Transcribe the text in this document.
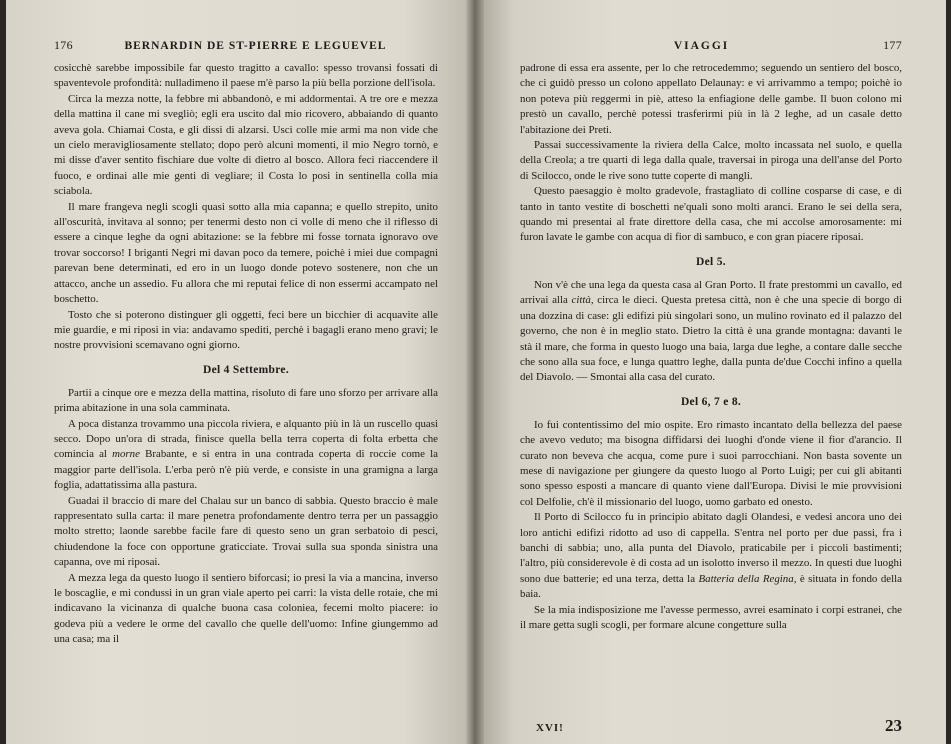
176	BERNARDIN DE ST-PIERRE E LEGUEVEL

cosicchè sarebbe impossibile far questo tragitto a cavallo: spesso trovansi fossati di spaventevole profondità: nulladimeno il paese m'è parso la più bella porzione dell'isola.

Circa la mezza notte, la febbre mi abbandonò, e mi addormentai. A tre ore e mezza della mattina il cane mi svegliò; egli era uscito dal mio ricovero, abbaiando di quanto aveva gola. Chiamai Costa, e gli dissi di alzarsi. Uscì colle mie armi ma non vide che un cielo meravigliosamente stellato; dopo però alcuni momenti, il mio Negro tornò, e mi disse d'aver sentito fischiare due volte di dietro al bosco. Allora feci riaccendere il fuoco, e ordinai alle mie genti di vegliare; il Costa lo posi in sentinella colla mia sciabola.

Il mare frangeva negli scogli quasi sotto alla mia capanna; e quello strepito, unito all'oscurità, invitava al sonno; per tenermi desto non ci volle di meno che il riflesso di essere a cinque leghe da ogni abitazione: se la febbre mi fosse tornata ignoravo ove trovar soccorso! I briganti Negri mi davan poco da temere, poichè i miei due compagni parevan bene determinati, ed ero in un luogo donde potevo sostenere, non che un attacco, anche un assedio. Fu allora che mi reputai felice di non essermi accampato nel boschetto.

Tosto che si poterono distinguer gli oggetti, feci bere un bicchier di acquavite alle mie guardie, e mi riposi in via: andavamo spediti, perchè i bagagli erano meno gravi; le nostre provvisioni scemavano ogni giorno.

Del 4 Settembre.

Partii a cinque ore e mezza della mattina, risoluto di fare uno sforzo per arrivare alla prima abitazione in una sola camminata.

A poca distanza trovammo una piccola riviera, e alquanto più in là un ruscello quasi secco. Dopo un'ora di strada, finisce quella bella terra coperta di folta erbetta che comincia al morne Brabante, e si entra in una contrada coperta di roccie come la maggior parte dell'isola. L'erba però n'è più verde, e consiste in una gramigna a larga foglia, adattatissima alla pastura.

Guadai il braccio di mare del Chalau sur un banco di sabbia. Questo braccio è male rappresentato sulla carta: il mare penetra profondamente dentro terra per un passaggio molto stretto; laonde sarebbe facile fare di questo seno un gran serbatoio di pesci, chiudendone la foce con opportune graticciate. Trovai sulla sua sponda sinistra una capanna, ove mi riposai.

A mezza lega da questo luogo il sentiero biforcasi; io presi la via a mancina, inverso le boscaglie, e mi condussi in un gran viale aperto pei carri: la vista delle rotaie, che mi indicavano la vicinanza di qualche buona casa coloniea, fecemi molto piacere: io godeva più a vedere le orme del cavallo che quelle dell'uomo: Infine giungemmo ad una casa; ma il

VIAGGI	177

padrone di essa era assente, per lo che retrocedemmo; seguendo un sentiero del bosco, che ci guidò presso un colono appellato Delaunay: e vi arrivammo a tempo; poichè io non poteva più reggermi in piè, atteso la enfiagione delle gambe. Il buon colono mi prestò un cavallo, perchè potessi trasferirmi più in là 2 leghe, ad un casale detto l'abitazione dei Preti.

Passai successivamente la riviera della Calce, molto incassata nel suolo, e quella della Creola; a tre quarti di lega dalla quale, traversai in piroga una dell'anse del Porto di Scilocco, onde le rive sono tutte coperte di mangli.

Questo paesaggio è molto gradevole, frastagliato di colline cosparse di case, e di tanto in tanto vestite di boschetti ne'quali sono molti aranci. Erano le sei della sera, quando mi presentai al frate direttore della casa, che mi accolse amorosamente: mi furon lavate le gambe con acqua di fior di sambuco, e con gran piacere riposai.

Del 5.

Non v'è che una lega da questa casa al Gran Porto. Il frate prestommi un cavallo, ed arrivai alla città, circa le dieci. Questa pretesa città, non è che una specie di borgo di una dozzina di case: gli edifizi più singolari sono, un mulino rovinato ed il palazzo del governo, che non è in meglio stato. Dietro la città è una grande montagna: davanti le stà il mare, che forma in questo luogo una baia, larga due leghe, a contare dalle secche che sono alla sua foce, e lunga quattro leghe, dalla punta de'due Cocchi infino a quella del Diavolo. — Smontai alla casa del curato.

Del 6, 7 e 8.

Io fui contentissimo del mio ospite. Ero rimasto incantato della bellezza del paese che avevo veduto; ma bisogna diffidarsi dei luoghi d'onde viene il fior d'arancio. Il curato non beveva che acqua, come pure i suoi parrocchiani. Non basta sovente un mese di navigazione per giungere da questo luogo al Porto Luigi; per cui gli abitanti sono spesso esposti a mancare di quanto viene dall'Europa. Divisi le mie provvisioni col Delfolie, ch'è il missionario del luogo, uomo garbato ed onesto.

Il Porto di Scilocco fu in principio abitato dagli Olandesi, e vedesi ancora uno dei loro antichi edifizi ridotto ad uso di cappella. S'entra nel porto per due passi, fra i banchi di sabbia; uno, alla punta del Diavolo, praticabile per i piccoli bastimenti; l'altro, più considerevole è di costa ad un isolotto inverso il mezzo. In questi due luoghi sono due batterie; ed una terza, detta la Batteria della Regina, è situata in fondo della baia.

Se la mia indisposizione me l'avesse permesso, avrei esaminato i corpi estranei, che il mare getta sugli scogli, per formare alcune congetture sulla

XVI!	23
